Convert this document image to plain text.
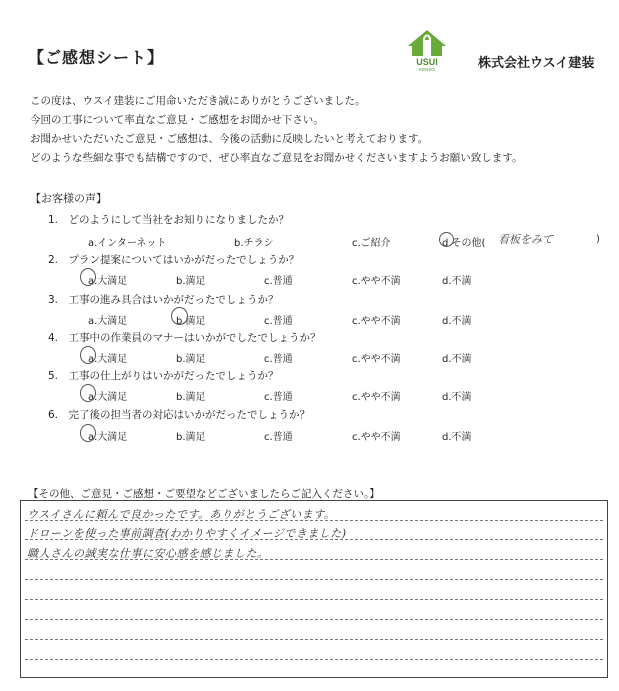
【ご感想シート】	USUI
KENSO	株式会社ウスイ建装
この度は、ウスイ建装にご用命いただき誠にありがとうございました。
今回の工事について率直なご意見・ご感想をお聞かせ下さい。
お聞かせいただいたご意見・ご感想は、今後の活動に反映したいと考えております。
どのような些細な事でも結構ですので、ぜひ率直なご意見をお聞かせくださいますようお願い致します。
【お客様の声】
1.　どのようにして当社をお知りになりましたか？
a.インターネット	b.チラシ	c.ご紹介	d.その他( 看板をみて	)
2.　プラン提案についてはいかがだったでしょうか？
a.大満足	b.満足	c.普通	c.やや不満	d.不満
3.　工事の進み具合はいかがだったでしょうか？
a.大満足	b.満足	c.普通	c.やや不満	d.不満
4.　工事中の作業員のマナーはいかがでしたでしょうか？
a.大満足	b.満足	c.普通	c.やや不満	d.不満
5.　工事の仕上がりはいかがだったでしょうか？
a.大満足	b.満足	c.普通	c.やや不満	d.不満
6.　完了後の担当者の対応はいかがだったでしょうか？
a.大満足	b.満足	c.普通	c.やや不満	d.不満
【その他、ご意見・ご感想・ご要望などございましたらご記入ください。】
ウスイさんに頼んで良かったです。ありがとうございます。
ドローンを使った事前調査(わかりやすくイメージできました)
職人さんの誠実な仕事に安心感を感じました。
